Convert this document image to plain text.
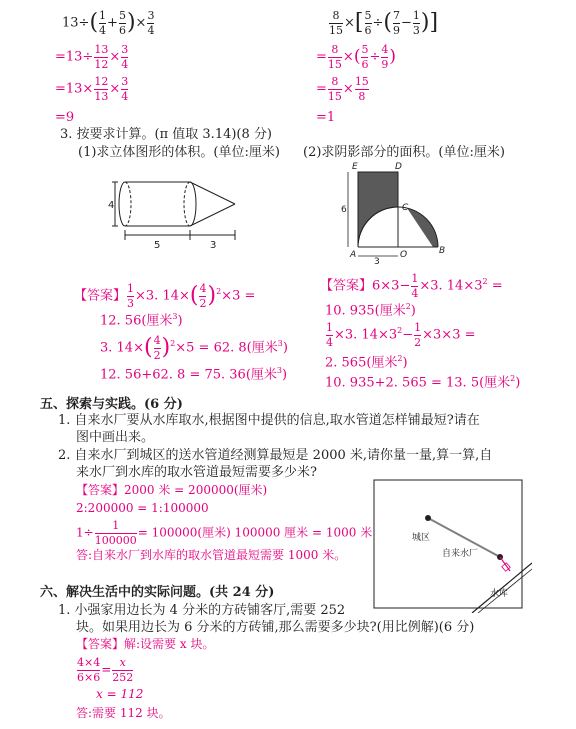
$13\div( \frac{1}{4} + \frac{5}{6}$ )× $\frac{3}{4}$
$=13\div \frac{13}{12} \times \frac{3}{4}$
$=13\times \frac{12}{13} \times \frac{3}{4}$
=9
$\frac{8}{15}$ ×[ $\frac{5}{6}$ ÷( $\frac{7}{9} - \frac{1}{3}$ )]
= $\frac{8}{15}$ ×( $\frac{5}{6} \div \frac{4}{9}$ )
= $\frac{8}{15} \times \frac{15}{8}$
=1
3. 按要求计算。(π 值取 3.14)(8 分)
(1)求立体图形的体积。(单位:厘米) (2)求阴影部分的面积。(单位:厘米)
4
5	3
E	D
C
A	O	B
6
3
【答案】 $\frac{1}{3} \times 3$. $14\times( \frac{4}{2} )^2\times 3$ =
12. 56(厘米$^3$)
3. $14\times( \frac{4}{2} )^2\times 5 = 62$. 8(厘米$^3$)
12. 56+62. 8 = 75. 36(厘米$^3$)
【答案】$6\times 3- \frac{1}{4} \times 3$. $14\times 3^2$ =
10. 935(厘米$^2$)
$\frac{1}{4} \times 3$. $14\times 3^2- \frac{1}{2} \times 3\times 3$ =
2. 565(厘米$^2$)
10. 935+2. 565 = 13. 5(厘米$^2$)
五、探索与实践。(6 分)
1. 自来水厂要从水库取水,根据图中提供的信息,取水管道怎样铺最短?请在
图中画出来。
2. 自来水厂到城区的送水管道经测算最短是 2000 米,请你量一量,算一算,自
来水厂到水库的取水管道最短需要多少米?
【答案】2000 米 = 200000(厘米)
2:200000 = 1:100000
$1\div \frac{1}{100000} = 100000$(厘米) 100000 厘米 = 1000 米
答:自来水厂到水库的取水管道最短需要 1000 米。
城区
自来水厂
水库
六、解决生活中的实际问题。(共 24 分)
1. 小强家用边长为 4 分米的方砖铺客厅,需要 252
块。如果用边长为 6 分米的方砖铺,那么需要多少块?(用比例解)(6 分)
【答案】解:设需要 x 块。
$\frac{4\times 4}{6\times 6} = \frac{x}{252}$
x = 112
答:需要 112 块。
